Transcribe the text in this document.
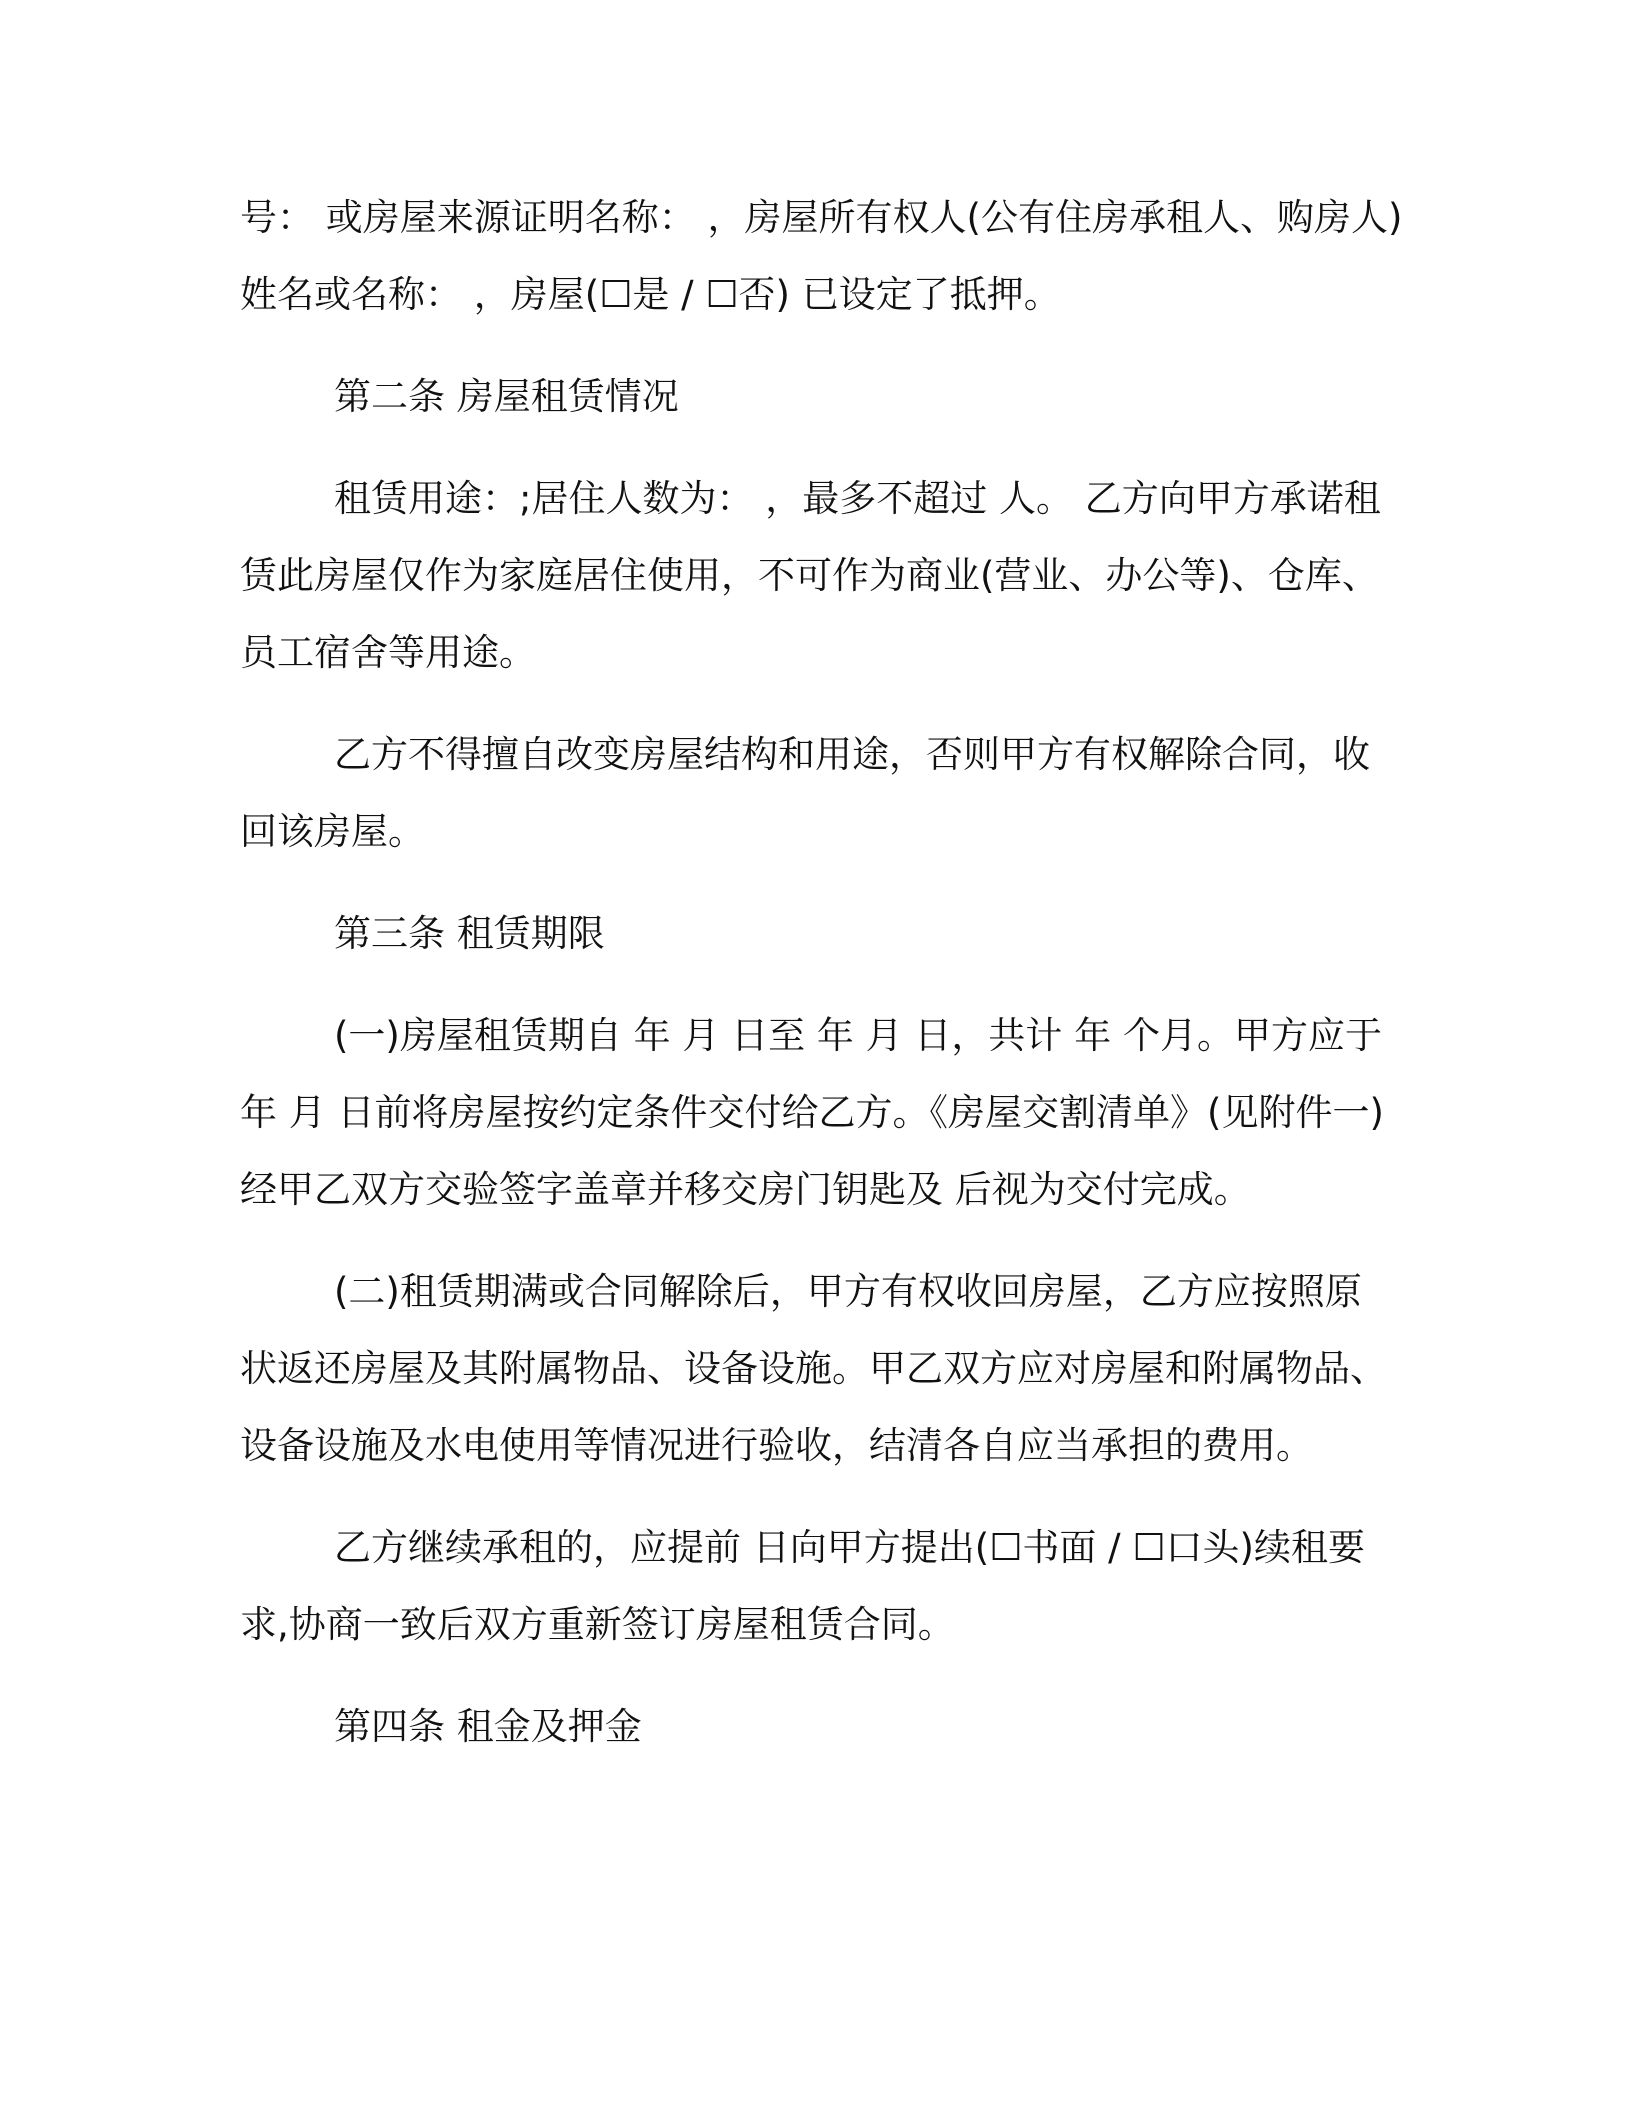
号： 或房屋来源证明名称： ，房屋所有权人(公有住房承租人、购房人)

姓名或名称： ，房屋(☐是 / ☐否) 已设定了抵押。

第二条 房屋租赁情况

租赁用途：;居住人数为： ，最多不超过 人。 乙方向甲方承诺租

赁此房屋仅作为家庭居住使用，不可作为商业(营业、办公等)、仓库、

员工宿舍等用途。

乙方不得擅自改变房屋结构和用途，否则甲方有权解除合同，收

回该房屋。

第三条 租赁期限

(一)房屋租赁期自 年 月 日至 年 月 日，共计 年 个月。甲方应于

年 月 日前将房屋按约定条件交付给乙方。《房屋交割清单》(见附件一)

经甲乙双方交验签字盖章并移交房门钥匙及 后视为交付完成。

(二)租赁期满或合同解除后，甲方有权收回房屋，乙方应按照原

状返还房屋及其附属物品、设备设施。甲乙双方应对房屋和附属物品、

设备设施及水电使用等情况进行验收，结清各自应当承担的费用。

乙方继续承租的，应提前 日向甲方提出(☐书面 / ☐口头)续租要

求,协商一致后双方重新签订房屋租赁合同。

第四条 租金及押金
